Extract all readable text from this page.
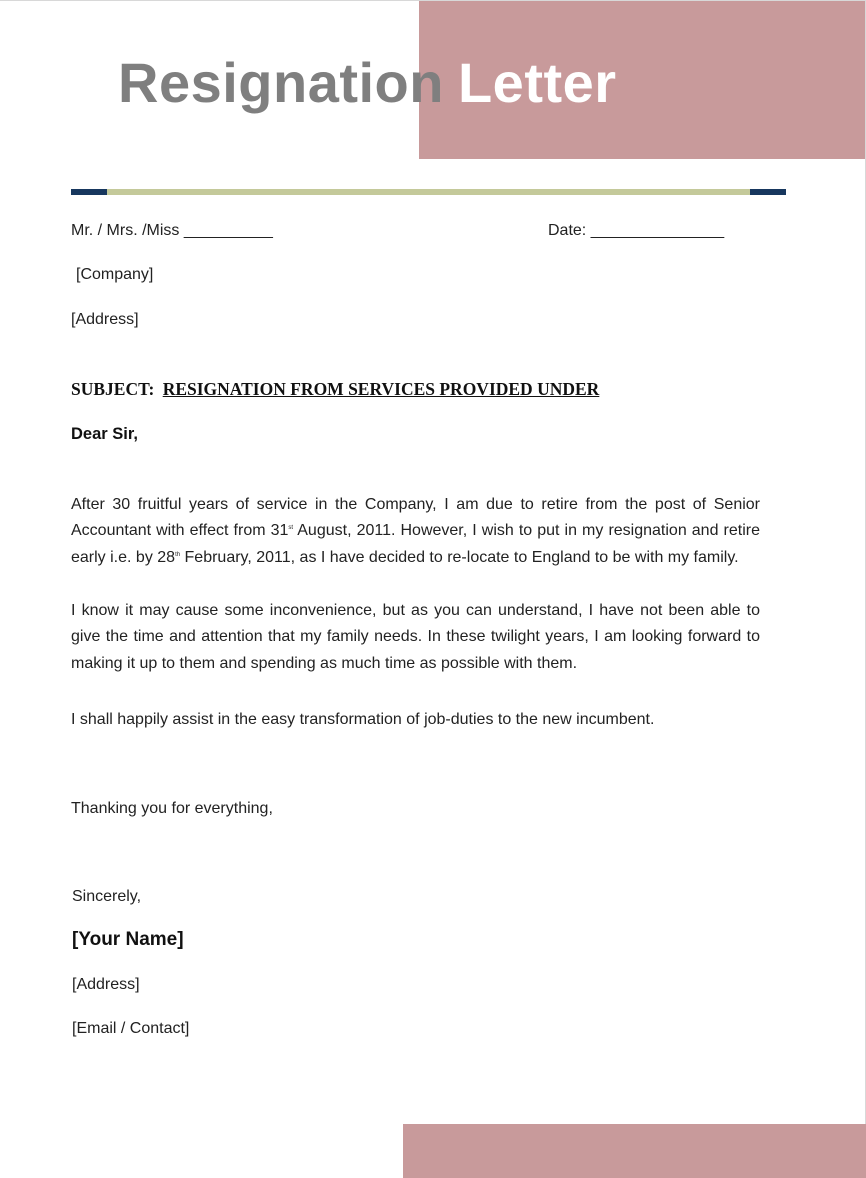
Resignation Letter
Mr. / Mrs. /Miss __________	Date: _______________
[Company]
[Address]
SUBJECT: RESIGNATION FROM SERVICES PROVIDED UNDER
Dear Sir,

After 30 fruitful years of service in the Company, I am due to retire from the post of Senior Accountant with effect from 31st August, 2011. However, I wish to put in my resignation and retire early i.e. by 28th February, 2011, as I have decided to re-locate to England to be with my family.

I know it may cause some inconvenience, but as you can understand, I have not been able to give the time and attention that my family needs. In these twilight years, I am looking forward to making it up to them and spending as much time as possible with them.

I shall happily assist in the easy transformation of job-duties to the new incumbent.

Thanking you for everything,
Sincerely,
[Your Name]
[Address]
[Email / Contact]
